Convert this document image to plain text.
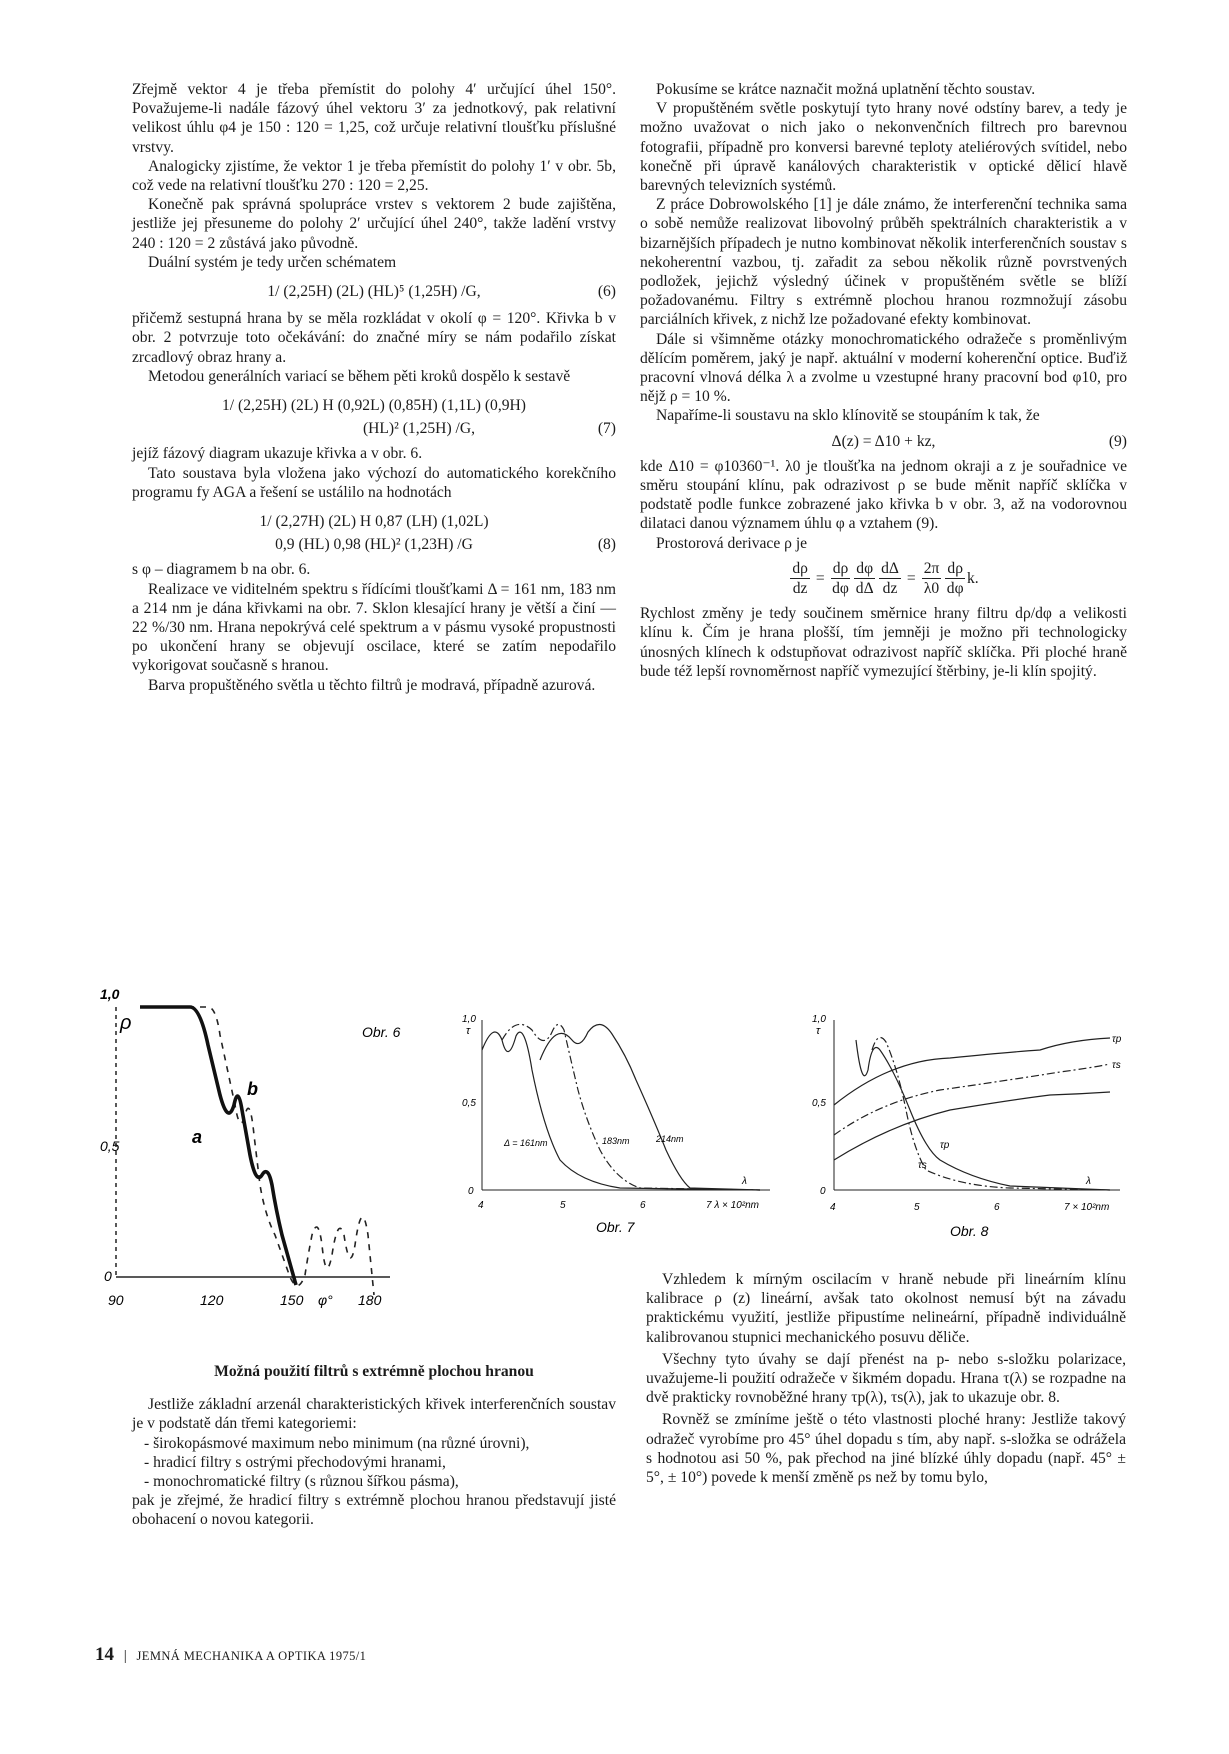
Zřejmě vektor 4 je třeba přemístit do polohy 4′ určující úhel 150°. Považujeme-li nadále fázový úhel vektoru 3′ za jednotkový, pak relativní velikost úhlu φ4 je 150 : 120 = 1,25, což určuje relativní tloušťku příslušné vrstvy.

Analogicky zjistíme, že vektor 1 je třeba přemístit do polohy 1′ v obr. 5b, což vede na relativní tloušťku 270 : 120 = 2,25.

Konečně pak správná spolupráce vrstev s vektorem 2 bude zajištěna, jestliže jej přesuneme do polohy 2′ určující úhel 240°, takže ladění vrstvy 240 : 120 = 2 zůstává jako původně.

Duální systém je tedy určen schématem

1/ (2,25H) (2L) (HL)⁵ (1,25H) /G,	(6)

přičemž sestupná hrana by se měla rozkládat v okolí φ = 120°. Křivka b v obr. 2 potvrzuje toto očekávání: do značné míry se nám podařilo získat zrcadlový obraz hrany a.

Metodou generálních variací se během pěti kroků dospělo k sestavě

1/ (2,25H) (2L) H (0,92L) (0,85H) (1,1L) (0,9H)
(HL)² (1,25H) /G,	(7)

jejíž fázový diagram ukazuje křivka a v obr. 6.

Tato soustava byla vložena jako výchozí do automatického korekčního programu fy AGA a řešení se ustálilo na hodnotách

1/ (2,27H) (2L) H 0,87 (LH) (1,02L)
0,9 (HL) 0,98 (HL)² (1,23H) /G	(8)

s φ – diagramem b na obr. 6.

Realizace ve viditelném spektru s řídícími tloušťkami Δ = 161 nm, 183 nm a 214 nm je dána křivkami na obr. 7. Sklon klesající hrany je větší a činí —22 %/30 nm. Hrana nepokrývá celé spektrum a v pásmu vysoké propustnosti po ukončení hrany se objevují oscilace, které se zatím nepodařilo vykorigovat současně s hranou.

Barva propuštěného světla u těchto filtrů je modravá, případně azurová.

Pokusíme se krátce naznačit možná uplatnění těchto soustav.

V propuštěném světle poskytují tyto hrany nové odstíny barev, a tedy je možno uvažovat o nich jako o nekonvenčních filtrech pro barevnou fotografii, případně pro konversi barevné teploty ateliérových svítidel, nebo konečně při úpravě kanálových charakteristik v optické dělicí hlavě barevných televizních systémů.

Z práce Dobrowolského [1] je dále známo, že interferenční technika sama o sobě nemůže realizovat libovolný průběh spektrálních charakteristik a v bizarnějších případech je nutno kombinovat několik interferenčních soustav s nekoherentní vazbou, tj. zařadit za sebou několik různě povrstvených podložek, jejichž výsledný účinek v propuštěném světle se blíží požadovanému. Filtry s extrémně plochou hranou rozmnožují zásobu parciálních křivek, z nichž lze požadované efekty kombinovat.

Dále si všimněme otázky monochromatického odražeče s proměnlivým dělícím poměrem, jaký je např. aktuální v moderní koherenční optice. Buďiž pracovní vlnová délka λ a zvolme u vzestupné hrany pracovní bod φ10, pro nějž ρ = 10 %.

Napaříme-li soustavu na sklo klínovitě se stoupáním k tak, že

Δ(z) = Δ10 + kz,	(9)

kde Δ10 = φ10360⁻¹. λ0 je tloušťka na jednom okraji a z je souřadnice ve směru stoupání klínu, pak odrazivost ρ se bude měnit napříč sklíčka v podstatě podle funkce zobrazené jako křivka b v obr. 3, až na vodorovnou dilataci danou významem úhlu φ a vztahem (9).

Prostorová derivace ρ je

$\frac{d\rho}{dz} = \frac{d\rho}{d\varphi} \frac{d\varphi}{d\Delta} \frac{d\Delta}{dz} = \frac{2\pi}{\lambda 0} \frac{d\rho}{d\varphi} k$.

Rychlost změny je tedy součinem směrnice hrany filtru dρ/dφ a velikosti klínu k. Čím je hrana plošší, tím jemněji je možno při technologicky únosných klínech k odstupňovat odrazivost napříč sklíčka. Při ploché hraně bude též lepší rovnoměrnost napříč vymezující štěrbiny, je-li klín spojitý.

1,0
ρ
0,5
0
90	120	150 φ° 180
a
b
Obr. 6
1,0
τ
0,5
0
4	5	6	7 λ × 10²nm
λ
Δ = 161nm	183nm	214nm
Obr. 7
1,0
τ
0,5
0
4	5	6	7 × 10²nm
λ
τp
τs
τp
τs
Obr. 8
Možná použití filtrů s extrémně plochou hranou

Jestliže základní arzenál charakteristických křivek interferenčních soustav je v podstatě dán třemi kategoriemi:

- širokopásmové maximum nebo minimum (na různé úrovni),
- hradicí filtry s ostrými přechodovými hranami,
- monochromatické filtry (s různou šířkou pásma),

pak je zřejmé, že hradicí filtry s extrémně plochou hranou představují jisté obohacení o novou kategorii.

Vzhledem k mírným oscilacím v hraně nebude při lineárním klínu kalibrace ρ (z) lineární, avšak tato okolnost nemusí být na závadu praktickému využití, jestliže připustíme nelineární, případně individuálně kalibrovanou stupnici mechanického posuvu děliče.

Všechny tyto úvahy se dají přenést na p- nebo s-složku polarizace, uvažujeme-li použití odražeče v šikmém dopadu. Hrana τ(λ) se rozpadne na dvě prakticky rovnoběžné hrany τp(λ), τs(λ), jak to ukazuje obr. 8.

Rovněž se zmíníme ještě o této vlastnosti ploché hrany: Jestliže takový odražeč vyrobíme pro 45° úhel dopadu s tím, aby např. s-složka se odrážela s hodnotou asi 50 %, pak přechod na jiné blízké úhly dopadu (např. 45° ± 5°, ± 10°) povede k menší změně ρs než by tomu bylo,

14 | JEMNÁ MECHANIKA A OPTIKA 1975/1
